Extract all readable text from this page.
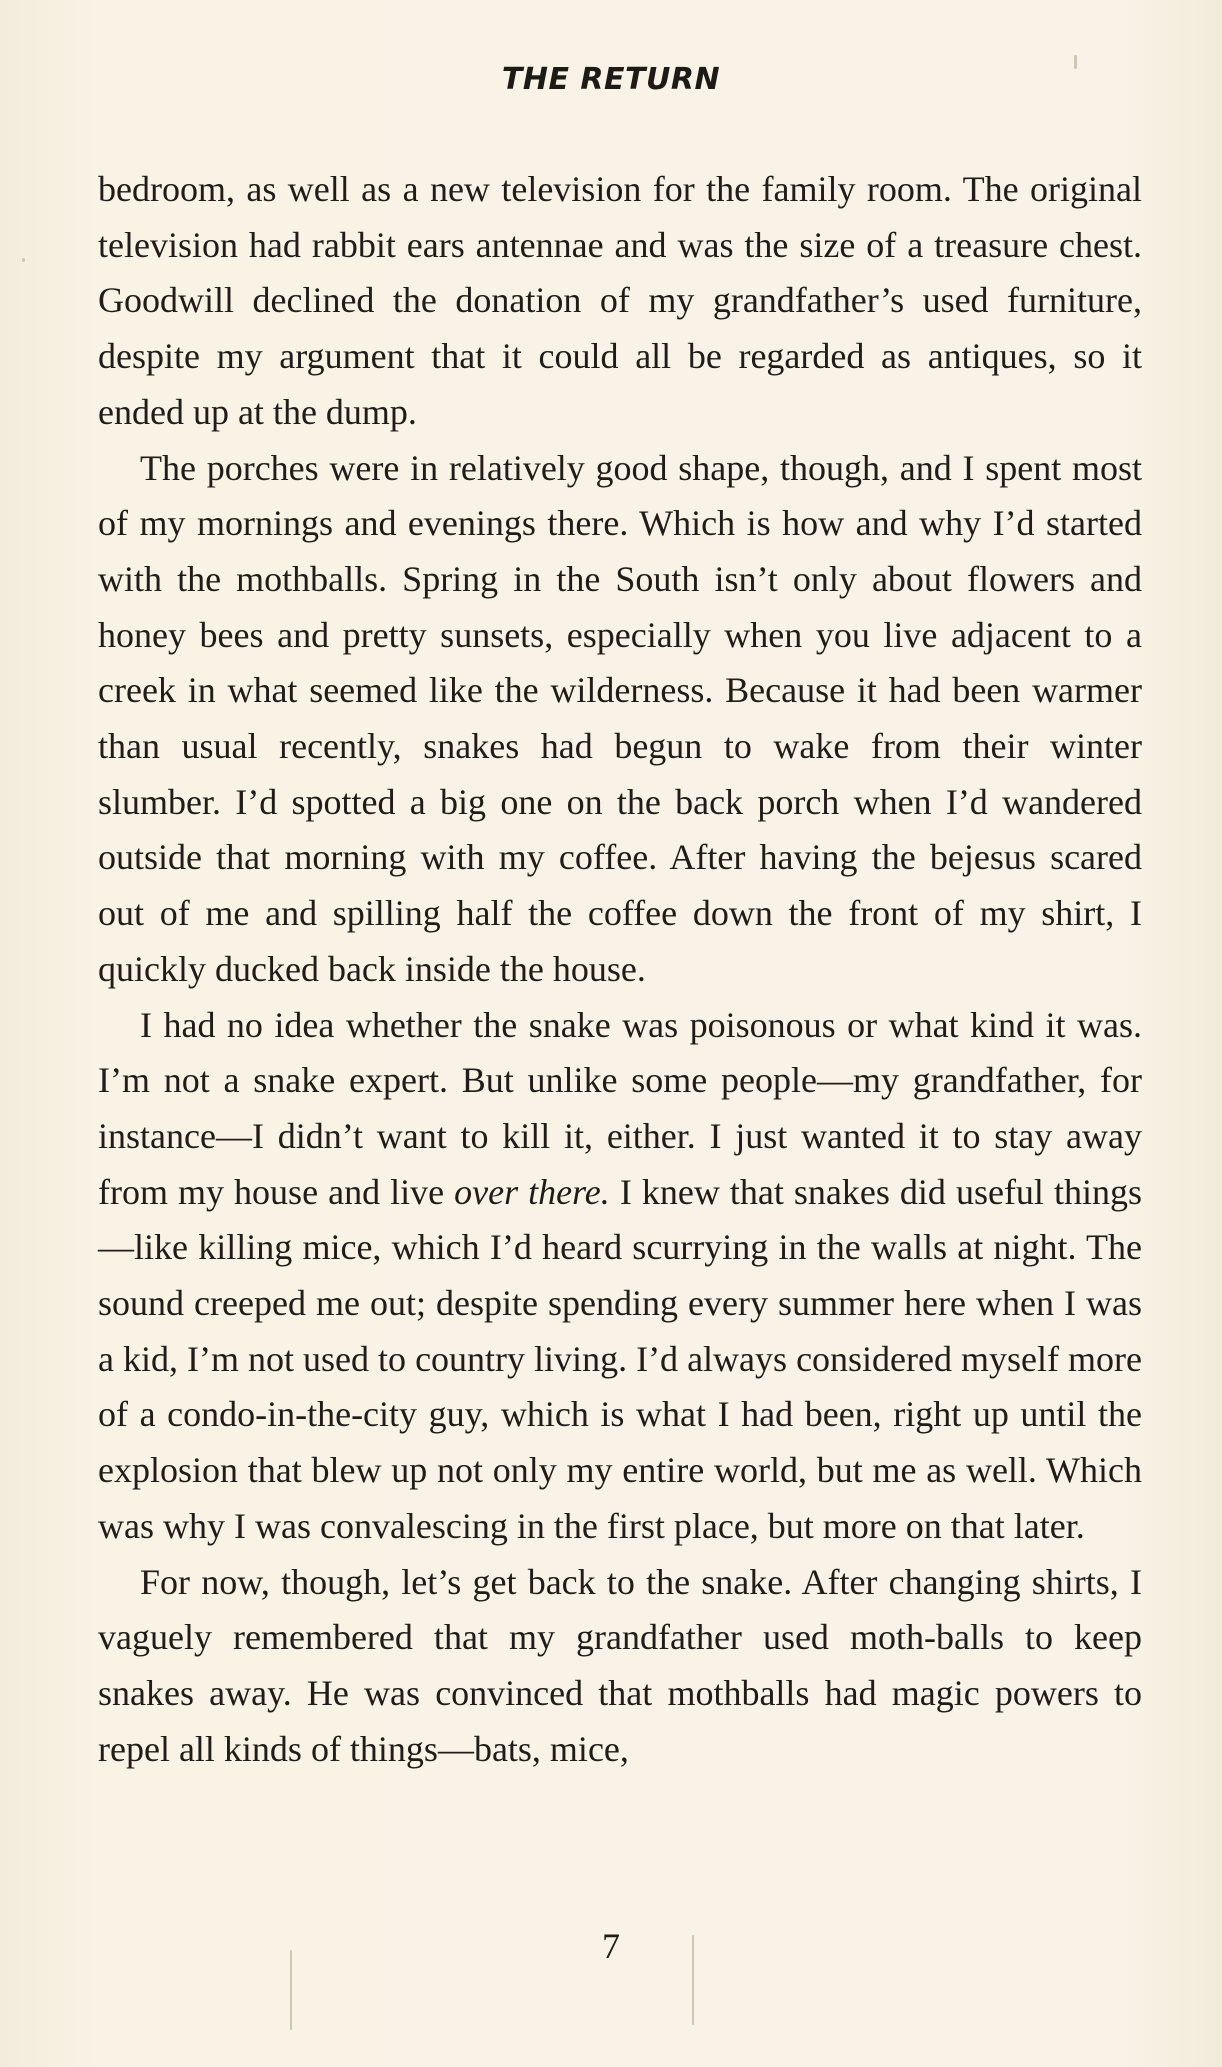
THE RETURN

bedroom, as well as a new television for the family room. The original television had rabbit ears antennae and was the size of a treasure chest. Goodwill declined the donation of my grandfather’s used furniture, despite my argument that it could all be regarded as antiques, so it ended up at the dump.

The porches were in relatively good shape, though, and I spent most of my mornings and evenings there. Which is how and why I’d started with the mothballs. Spring in the South isn’t only about flowers and honey bees and pretty sunsets, especially when you live adjacent to a creek in what seemed like the wilderness. Because it had been warmer than usual recently, snakes had begun to wake from their winter slumber. I’d spotted a big one on the back porch when I’d wandered outside that morning with my coffee. After having the bejesus scared out of me and spilling half the coffee down the front of my shirt, I quickly ducked back inside the house.

I had no idea whether the snake was poisonous or what kind it was. I’m not a snake expert. But unlike some people—my grandfather, for instance—I didn’t want to kill it, either. I just wanted it to stay away from my house and live over there. I knew that snakes did useful things—like killing mice, which I’d heard scurrying in the walls at night. The sound creeped me out; despite spending every summer here when I was a kid, I’m not used to country living. I’d always considered myself more of a condo-in-the-city guy, which is what I had been, right up until the explosion that blew up not only my entire world, but me as well. Which was why I was convalescing in the first place, but more on that later.

For now, though, let’s get back to the snake. After changing shirts, I vaguely remembered that my grandfather used moth-balls to keep snakes away. He was convinced that mothballs had magic powers to repel all kinds of things—bats, mice,

7
